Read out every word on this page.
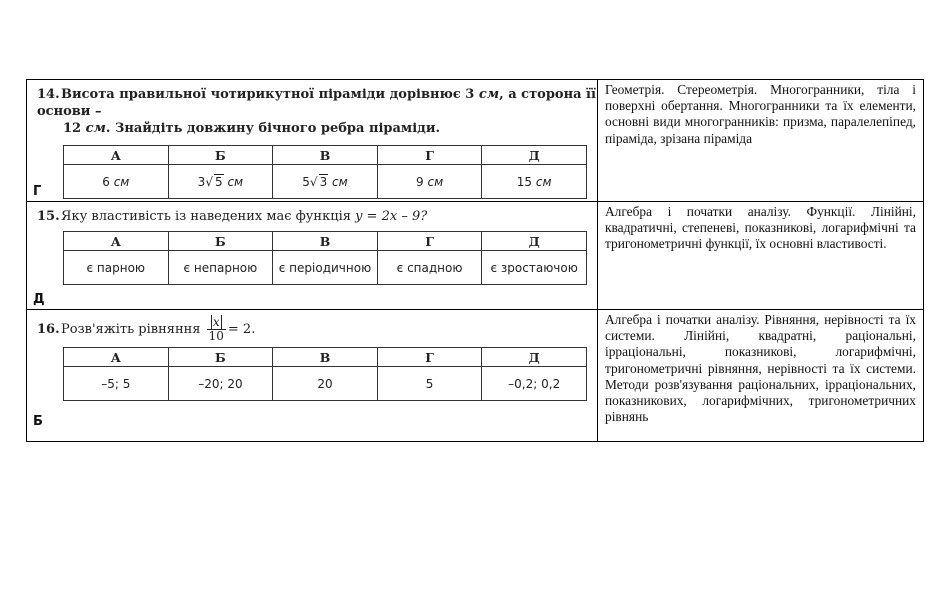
14.Висота правильної чотирикутної піраміди дорівнює 3 см, а сторона її основи –
12 см. Знайдіть довжину бічного ребра піраміди.
А	Б	В	Г	Д
6 см	3√ 5 см	5√ 3 см	9 см	15 см
Г

Геометрія. Стереометрія. Многогранники, тіла і поверхні обертання. Многогранники та їх елементи, основні види многогранників: призма, паралелепіпед, піраміда, зрізана піраміда

15.Яку властивість із наведених має функція y = 2x – 9?
А	Б	В	Г	Д
є парною	є непарною	є періодичною	є спадною	є зростаючою
Д

Алгебра і початки аналізу. Функції. Лінійні, квадратичні, степеневі, показникові, логарифмічні та тригонометричні функції, їх основні властивості.

16.Розв'яжіть рівняння $\frac{x}{10} = 2$.
А	Б	В	Г	Д
–5; 5	–20; 20	20	5	–0,2; 0,2
Б

Алгебра і початки аналізу. Рівняння, нерівності та їх системи. Лінійні, квадратні, раціональні, ірраціональні, показникові, логарифмічні, тригонометричні рівняння, нерівності та їх системи. Методи розв'язування раціональних, ірраціональних, показникових, логарифмічних, тригонометричних рівнянь
